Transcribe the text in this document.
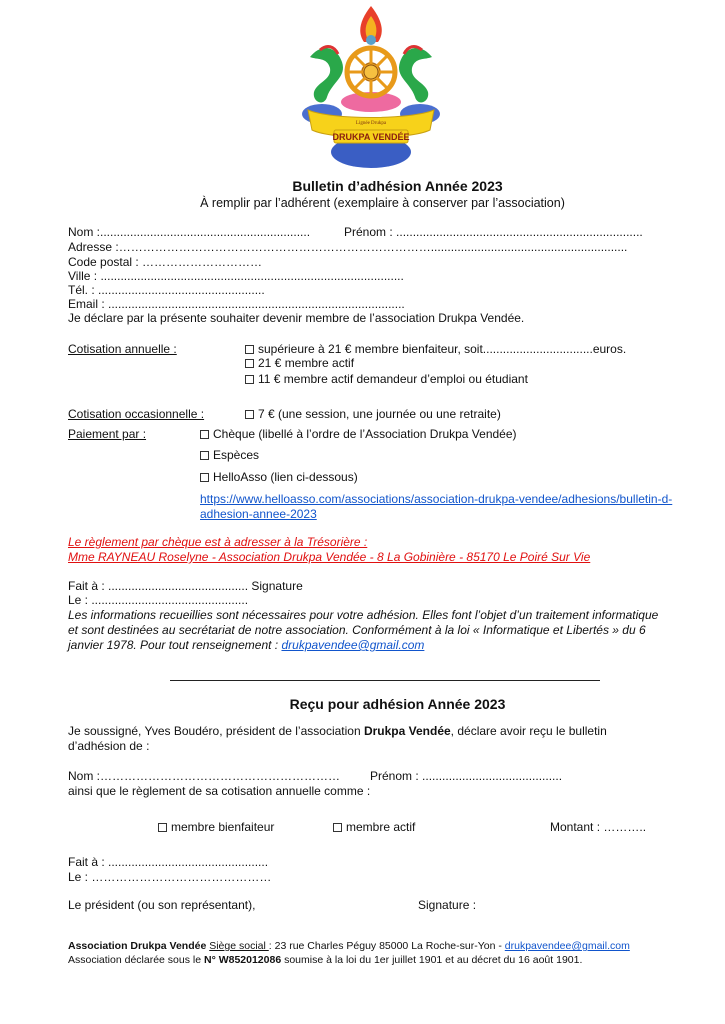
Lignée Drukpa
DRUKPA VENDÉE
Bulletin d’adhésion Année 2023
À remplir par l’adhérent (exemplaire à conserver par l’association)
Nom :...............................................................	Prénom : ..........................................................................
Adresse :……………………………………………………………………...........................................................
Code postal : …………………………
Ville : ...........................................................................................
Tél. : ..................................................
Email : .........................................................................................
Je déclare par la présente souhaiter devenir membre de l’association Drukpa Vendée.
Cotisation annuelle :	supérieure à 21 € membre bienfaiteur, soit.................................euros.
21 € membre actif
11 € membre actif demandeur d’emploi ou étudiant
Cotisation occasionnelle :	7 € (une session, une journée ou une retraite)
Paiement par :	Chèque (libellé à l’ordre de l’Association Drukpa Vendée)
Espèces
HelloAsso (lien ci-dessous)
https://www.helloasso.com/associations/association-drukpa-vendee/adhesions/bulletin-d-
adhesion-annee-2023
Le règlement par chèque est à adresser à la Trésorière :
Mme RAYNEAU Roselyne - Association Drukpa Vendée - 8 La Gobinière - 85170 Le Poiré Sur Vie
Fait à : .......................................... Signature
Le : ...............................................
Les informations recueillies sont nécessaires pour votre adhésion. Elles font l’objet d’un traitement informatique
et sont destinées au secrétariat de notre association. Conformément à la loi « Informatique et Libertés » du 6
janvier 1978. Pour tout renseignement : drukpavendee@gmail.com
Reçu pour adhésion Année 2023
Je soussigné, Yves Boudéro, président de l’association Drukpa Vendée, déclare avoir reçu le bulletin
d’adhésion de :
Nom :…………………………………………………… Prénom : ..........................................
ainsi que le règlement de sa cotisation annuelle comme :
membre bienfaiteur	membre actif	Montant : ………..
Fait à : ................................................
Le : ………………………………………
Le président (ou son représentant),	Signature :
Association Drukpa Vendée Siège social : 23 rue Charles Péguy 85000 La Roche-sur-Yon - drukpavendee@gmail.com
Association déclarée sous le N° W852012086 soumise à la loi du 1er juillet 1901 et au décret du 16 août 1901.
